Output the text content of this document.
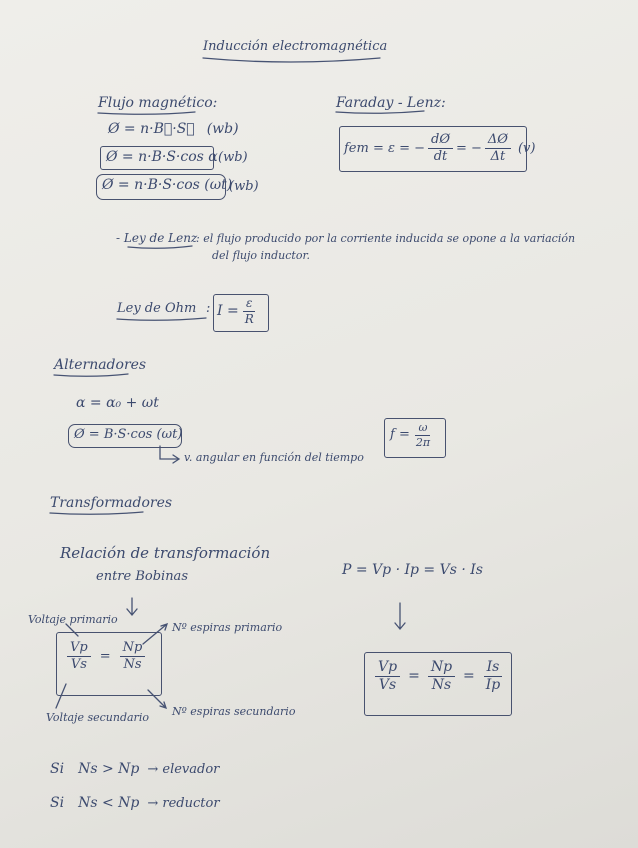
Inducción electromagnética
Flujo magnético:
Ø = n·B⃗·S⃗ (wb)
Ø = n·B·S·cos α (wb)
Ø = n·B·S·cos (ωt)
(wb)
Faraday - Lenz:
fem = ε = − $\frac{dØ}{dt}$ = − $\frac{\Delta Ø}{\Delta t} (v)$
- Ley de Lenz
: el flujo producido por la corriente inducida se opone a la variación
del flujo inductor.
Ley de Ohm : $I = \frac{\varepsilon}{R}$
Alternadores
α = α₀ + ωt
Ø = B·S·cos (ωt)
v. angular en función del tiempo
$f = \frac{\omega}{2\pi}$
Transformadores
Relación de transformación
entre Bobinas
Voltaje primario
Nº espiras primario
Voltaje secundario Nº espiras secundario
$\frac{Vp}{Vs} = \frac{Np}{Ns}$
P = Vp · Ip = Vs · Is
$\frac{Vp}{Vs} = \frac{Np}{Ns} = \frac{Is}{Ip}$
Si Ns > Np → elevador
Si Ns < Np → reductor
